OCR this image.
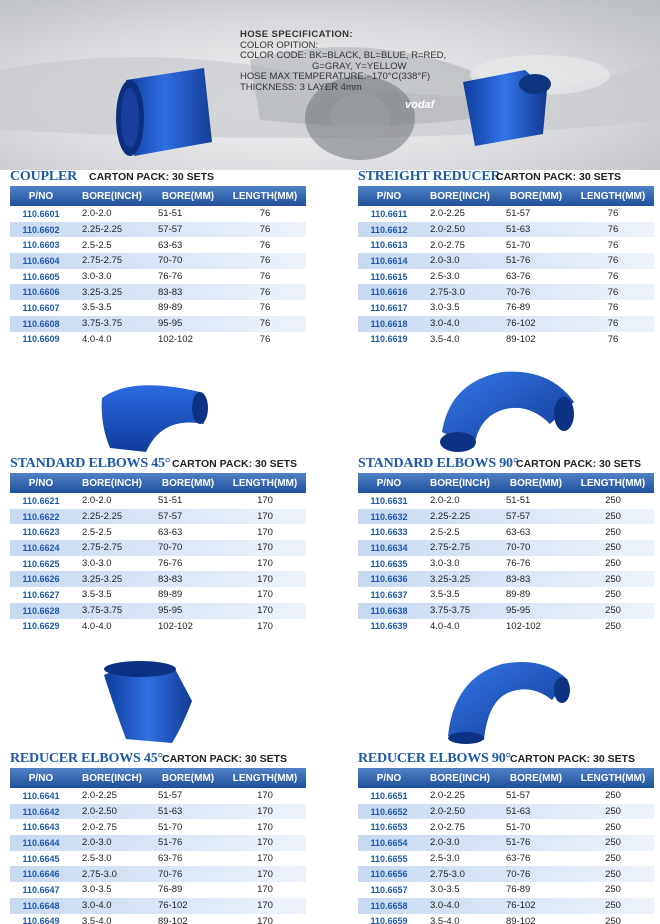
vodaf
HOSE SPECIFICATION:
COLOR OPITION:
COLOR CODE: BK=BLACK, BL=BLUE, R=RED,
G=GRAY, Y=YELLOW
HOSE MAX TEMPERATURE:~170°C(338°F)
THICKNESS: 3 LAYER 4mm
COUPLER CARTON PACK: 30 SETS
P/NO	BORE(INCH)	BORE(MM)	LENGTH(MM)
110.6601	2.0-2.0	51-51	76
110.6602	2.25-2.25	57-57	76
110.6603	2.5-2.5	63-63	76
110.6604	2.75-2.75	70-70	76
110.6605	3.0-3.0	76-76	76
110.6606	3.25-3.25	83-83	76
110.6607	3.5-3.5	89-89	76
110.6608	3.75-3.75	95-95	76
110.6609	4.0-4.0	102-102	76
STREIGHT REDUCER
CARTON PACK: 30 SETS
P/NO	BORE(INCH)	BORE(MM)	LENGTH(MM)
110.6611	2.0-2.25	51-57	76
110.6612	2.0-2.50	51-63	76
110.6613	2.0-2.75	51-70	76
110.6614	2.0-3.0	51-76	76
110.6615	2.5-3.0	63-76	76
110.6616	2.75-3.0	70-76	76
110.6617	3.0-3.5	76-89	76
110.6618	3.0-4.0	76-102	76
110.6619	3.5-4.0	89-102	76
STANDARD ELBOWS 45° CARTON PACK: 30 SETS
P/NO	BORE(INCH)	BORE(MM)	LENGTH(MM)
110.6621	2.0-2.0	51-51	170
110.6622	2.25-2.25	57-57	170
110.6623	2.5-2.5	63-63	170
110.6624	2.75-2.75	70-70	170
110.6625	3.0-3.0	76-76	170
110.6626	3.25-3.25	83-83	170
110.6627	3.5-3.5	89-89	170
110.6628	3.75-3.75	95-95	170
110.6629	4.0-4.0	102-102	170
STANDARD ELBOWS 90°
CARTON PACK: 30 SETS
P/NO	BORE(INCH)	BORE(MM)	LENGTH(MM)
110.6631	2.0-2.0	51-51	250
110.6632	2.25-2.25	57-57	250
110.6633	2.5-2.5	63-63	250
110.6634	2.75-2.75	70-70	250
110.6635	3.0-3.0	76-76	250
110.6636	3.25-3.25	83-83	250
110.6637	3.5-3.5	89-89	250
110.6638	3.75-3.75	95-95	250
110.6639	4.0-4.0	102-102	250
REDUCER ELBOWS 45° CARTON PACK: 30 SETS
P/NO	BORE(INCH)	BORE(MM)	LENGTH(MM)
110.6641	2.0-2.25	51-57	170
110.6642	2.0-2.50	51-63	170
110.6643	2.0-2.75	51-70	170
110.6644	2.0-3.0	51-76	170
110.6645	2.5-3.0	63-76	170
110.6646	2.75-3.0	70-76	170
110.6647	3.0-3.5	76-89	170
110.6648	3.0-4.0	76-102	170
110.6649	3.5-4.0	89-102	170
REDUCER ELBOWS 90° CARTON PACK: 30 SETS
P/NO	BORE(INCH)	BORE(MM)	LENGTH(MM)
110.6651	2.0-2.25	51-57	250
110.6652	2.0-2.50	51-63	250
110.6653	2.0-2.75	51-70	250
110.6654	2.0-3.0	51-76	250
110.6655	2.5-3.0	63-76	250
110.6656	2.75-3.0	70-76	250
110.6657	3.0-3.5	76-89	250
110.6658	3.0-4.0	76-102	250
110.6659	3.5-4.0	89-102	250
